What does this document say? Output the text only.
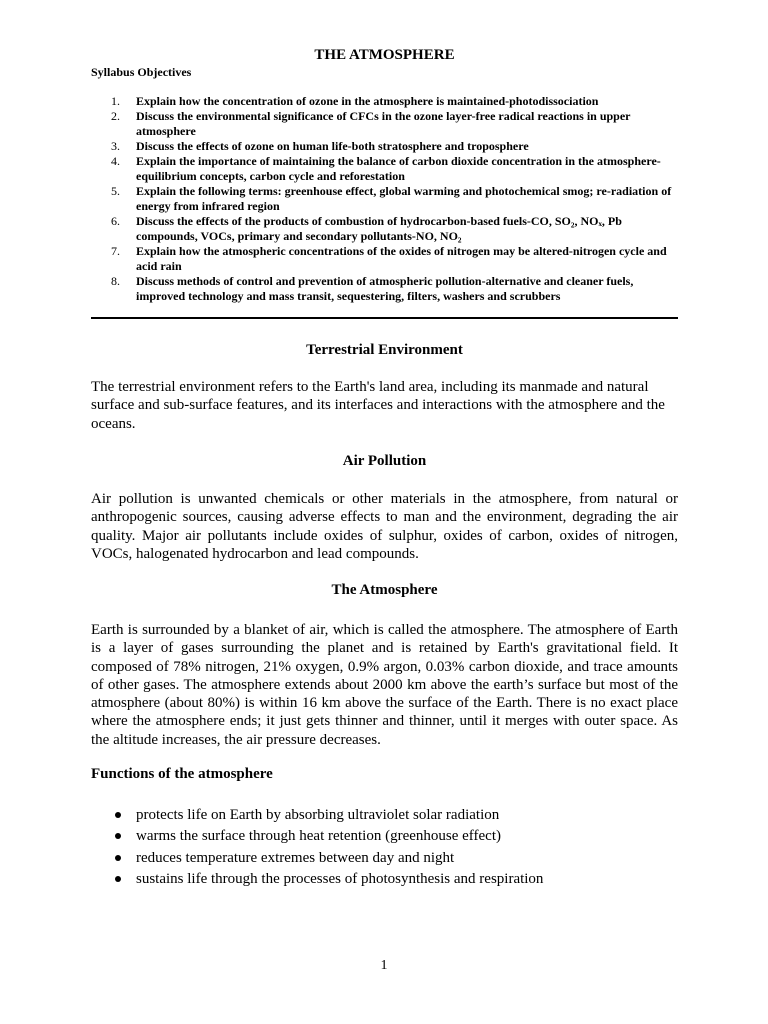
THE ATMOSPHERE
Syllabus Objectives
1. Explain how the concentration of ozone in the atmosphere is maintained-photodissociation
2. Discuss the environmental significance of CFCs in the ozone layer-free radical reactions in upper atmosphere
3. Discuss the effects of ozone on human life-both stratosphere and troposphere
4. Explain the importance of maintaining the balance of carbon dioxide concentration in the atmosphere-equilibrium concepts, carbon cycle and reforestation
5. Explain the following terms: greenhouse effect, global warming and photochemical smog; re-radiation of energy from infrared region
6. Discuss the effects of the products of combustion of hydrocarbon-based fuels-CO, SO₂, NOₓ, Pb compounds, VOCs, primary and secondary pollutants-NO, NO₂
7. Explain how the atmospheric concentrations of the oxides of nitrogen may be altered-nitrogen cycle and acid rain
8. Discuss methods of control and prevention of atmospheric pollution-alternative and cleaner fuels, improved technology and mass transit, sequestering, filters, washers and scrubbers
Terrestrial Environment

The terrestrial environment refers to the Earth's land area, including its manmade and natural surface and sub-surface features, and its interfaces and interactions with the atmosphere and the oceans.

Air Pollution

Air pollution is unwanted chemicals or other materials in the atmosphere, from natural or anthropogenic sources, causing adverse effects to man and the environment, degrading the air quality. Major air pollutants include oxides of sulphur, oxides of carbon, oxides of nitrogen, VOCs, halogenated hydrocarbon and lead compounds.

The Atmosphere

Earth is surrounded by a blanket of air, which is called the atmosphere. The atmosphere of Earth is a layer of gases surrounding the planet and is retained by Earth's gravitational field. It composed of 78% nitrogen, 21% oxygen, 0.9% argon, 0.03% carbon dioxide, and trace amounts of other gases. The atmosphere extends about 2000 km above the earth’s surface but most of the atmosphere (about 80%) is within 16 km above the surface of the Earth. There is no exact place where the atmosphere ends; it just gets thinner and thinner, until it merges with outer space. As the altitude increases, the air pressure decreases.

Functions of the atmosphere
protects life on Earth by absorbing ultraviolet solar radiation
warms the surface through heat retention (greenhouse effect)
reduces temperature extremes between day and night
sustains life through the processes of photosynthesis and respiration
1
